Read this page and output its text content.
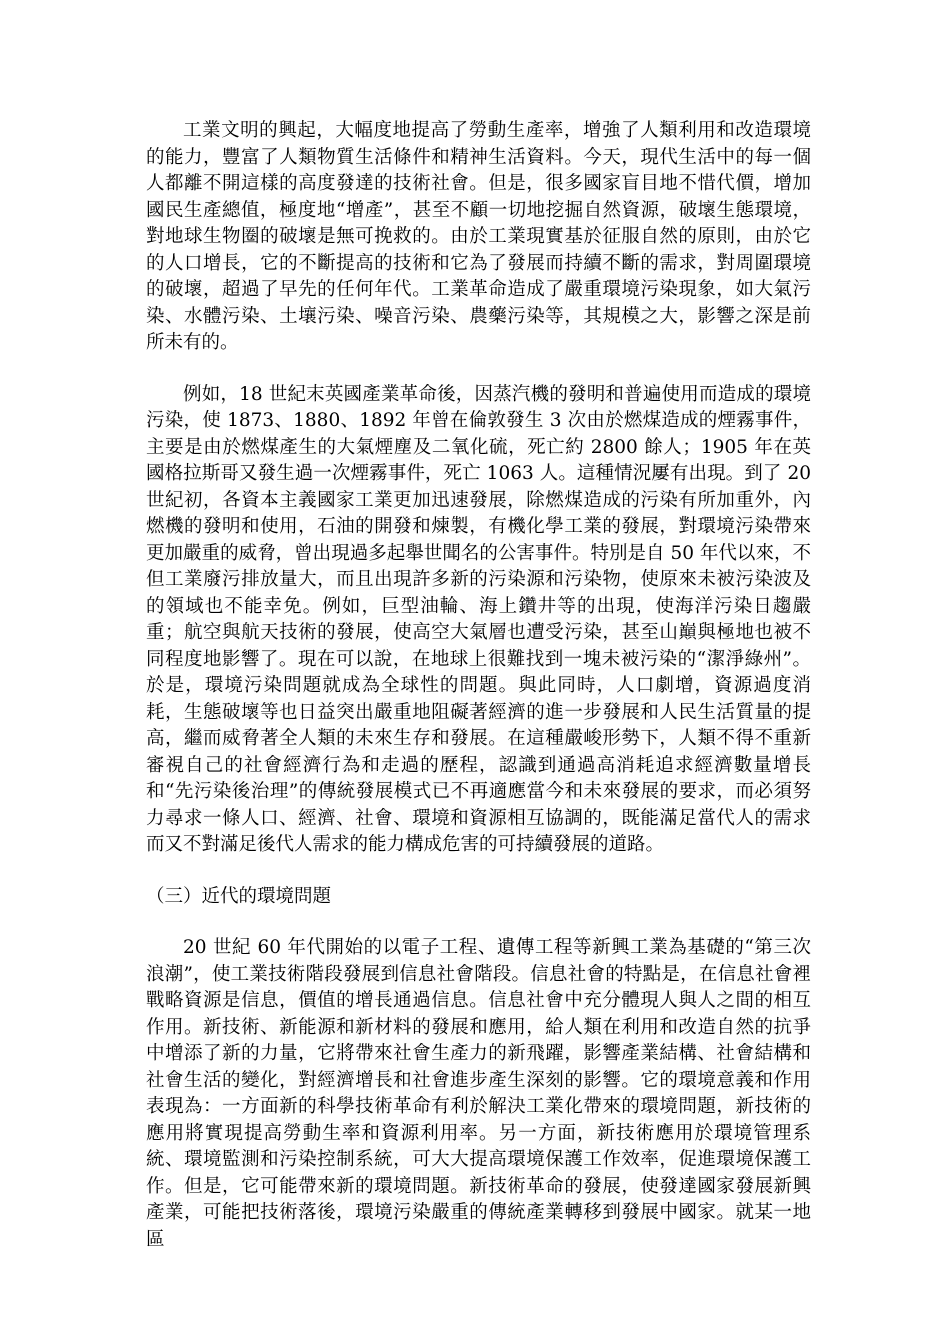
工業文明的興起，大幅度地提高了勞動生產率，增強了人類利用和改造環境的能力，豐富了人類物質生活條件和精神生活資料。今天，現代生活中的每一個人都離不開這樣的高度發達的技術社會。但是，很多國家盲目地不惜代價，增加國民生產總值，極度地“增產”，甚至不顧一切地挖掘自然資源，破壞生態環境，對地球生物圈的破壞是無可挽救的。由於工業現實基於征服自然的原則，由於它的人口增長，它的不斷提高的技術和它為了發展而持續不斷的需求，對周圍環境的破壞，超過了早先的任何年代。工業革命造成了嚴重環境污染現象，如大氣污染、水體污染、土壤污染、噪音污染、農藥污染等，其規模之大，影響之深是前所未有的。

例如，18 世紀末英國產業革命後，因蒸汽機的發明和普遍使用而造成的環境污染，使 1873、1880、1892 年曾在倫敦發生 3 次由於燃煤造成的煙霧事件，主要是由於燃煤產生的大氣煙塵及二氧化硫，死亡約 2800 餘人；1905 年在英國格拉斯哥又發生過一次煙霧事件，死亡 1063 人。這種情況屢有出現。到了 20 世紀初，各資本主義國家工業更加迅速發展，除燃煤造成的污染有所加重外，內燃機的發明和使用，石油的開發和煉製，有機化學工業的發展，對環境污染帶來更加嚴重的威脅，曾出現過多起舉世聞名的公害事件。特別是自 50 年代以來，不但工業廢污排放量大，而且出現許多新的污染源和污染物，使原來未被污染波及的領域也不能幸免。例如，巨型油輪、海上鑽井等的出現，使海洋污染日趨嚴重；航空與航天技術的發展，使高空大氣層也遭受污染，甚至山巔與極地也被不同程度地影響了。現在可以說，在地球上很難找到一塊未被污染的“潔淨綠州”。於是，環境污染問題就成為全球性的問題。與此同時，人口劇增，資源過度消耗，生態破壞等也日益突出嚴重地阻礙著經濟的進一步發展和人民生活質量的提高，繼而威脅著全人類的未來生存和發展。在這種嚴峻形勢下，人類不得不重新審視自己的社會經濟行為和走過的歷程，認識到通過高消耗追求經濟數量增長和“先污染後治理”的傳統發展模式已不再適應當今和未來發展的要求，而必須努力尋求一條人口、經濟、社會、環境和資源相互協調的，既能滿足當代人的需求而又不對滿足後代人需求的能力構成危害的可持續發展的道路。

（三）近代的環境問題

20 世紀 60 年代開始的以電子工程、遺傳工程等新興工業為基礎的“第三次浪潮”，使工業技術階段發展到信息社會階段。信息社會的特點是，在信息社會裡戰略資源是信息，價值的增長通過信息。信息社會中充分體現人與人之間的相互作用。新技術、新能源和新材料的發展和應用，給人類在利用和改造自然的抗爭中增添了新的力量，它將帶來社會生產力的新飛躍，影響產業結構、社會結構和社會生活的變化，對經濟增長和社會進步產生深刻的影響。它的環境意義和作用表現為：一方面新的科學技術革命有利於解決工業化帶來的環境問題，新技術的應用將實現提高勞動生率和資源利用率。另一方面，新技術應用於環境管理系統、環境監測和污染控制系統，可大大提高環境保護工作效率，促進環境保護工作。但是，它可能帶來新的環境問題。新技術革命的發展，使發達國家發展新興產業，可能把技術落後，環境污染嚴重的傳統產業轉移到發展中國家。就某一地區
